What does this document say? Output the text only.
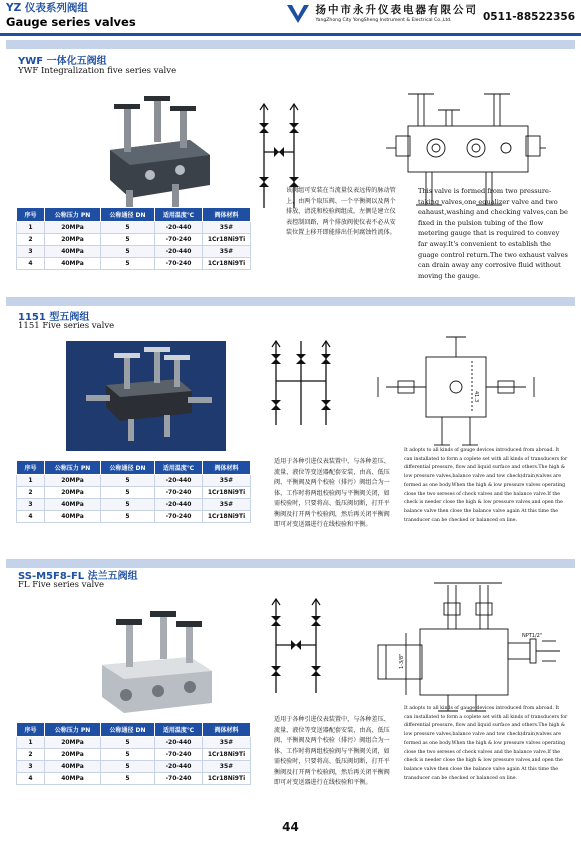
YZ 仪表系列阀组
Gauge series valves
扬中市永升仪表电器有限公司
YangZhong City YongSheng Instrument & Electrical Co.,Ltd.	0511-88522356
YWF 一体化五阀组
YWF Integralization five series valve
序号	公称压力 PN	公称通径 DN	适用温度℃	阀体材料
1	20MPa	5	-20-440	35#
2	20MPa	5	-70-240	1Cr18Ni9Ti
3	40MPa	5	-20-440	35#
4	40MPa	5	-70-240	1Cr18Ni9Ti
该阀组可安装在当流量仪表远传的脉动管上，由两个取压阀、一个平衡阀以及两个排放、清洗和校验阀组成，左侧是建立仪表控制回路，两个排放阀使仪表不必从安装位置上移开即能排出任何腐蚀性流体。
This valve is formed from two pressure-taking valves,one equalizer valve and two eahaust,washing and checking valves,can be fixed in the pulsion tubing of the flow metering gauge that is required to convey far away.It's convenient to establish the guage control return.The two exhaust valves can drain away any corrosive fluid without moving the gauge.
1151 型五阀组
1151 Five series valve
41.3
序号	公称压力 PN	公称通径 DN	适用温度℃	阀体材料
1	20MPa	5	-20-440	35#
2	20MPa	5	-70-240	1Cr18Ni9Ti
3	40MPa	5	-20-440	35#
4	40MPa	5	-70-240	1Cr18Ni9Ti
适用于各种引进仪表装置中，与各种差压、流量、液位等变送器配套安装，由高、低压阀、平衡阀及两个校验（排污）阀组合为一体，工作时将两组校验阀与平衡阀关闭，如需校验时，只要将高、低压阀切断，打开平衡阀及打开两个校验阀，然后再关闭平衡阀即可对变送器进行在线校验和平衡。
It adopts to all kinds of gauge devices introduced from abroad. It can installated to form a coplete set with all kinds of transducers for differential pressure, flow and liquid surface and others.The high & low pressure valves,balance valve and tow check(drain)valves are formed as one body.When the high & low pressure valves operating close the two sereses of check valves and the balance valve.If the check is needer close the high & low pressure valves,and open the balance valve then close the balance valve again At this time the transducer can be checked or balanced on line.
SS-M5F8-FL 法兰五阀组
FL Five series valve
NPT1/2"
1-3/8"
序号	公称压力 PN	公称通径 DN	适用温度℃	阀体材料
1	20MPa	5	-20-440	35#
2	20MPa	5	-70-240	1Cr18Ni9Ti
3	40MPa	5	-20-440	35#
4	40MPa	5	-70-240	1Cr18Ni9Ti
适用于各种引进仪表装置中，与各种差压、流量、液位等变送器配套安装，由高、低压阀、平衡阀及两个校验（排污）阀组合为一体，工作时将两组校验阀与平衡阀关闭，如需校验时，只要将高、低压阀切断，打开平衡阀及打开两个校验阀，然后再关闭平衡阀即可对变送器进行在线校验和平衡。
It adopts to all kinds of gauge devices introduced from abroad. It can installated to form a coplete set with all kinds of transducers for differential pressure, flow and liquid surface and others.The high & low pressure valves,balance valve and tow check(drain)valves are formed as one body.When the high & low pressure valves operating close the two sereses of check valves and the balance valve.If the check is needer close the high & low pressure valves,and open the balance valve then close the balance valve again At this time the transducer can be checked or balanced on line.
44
